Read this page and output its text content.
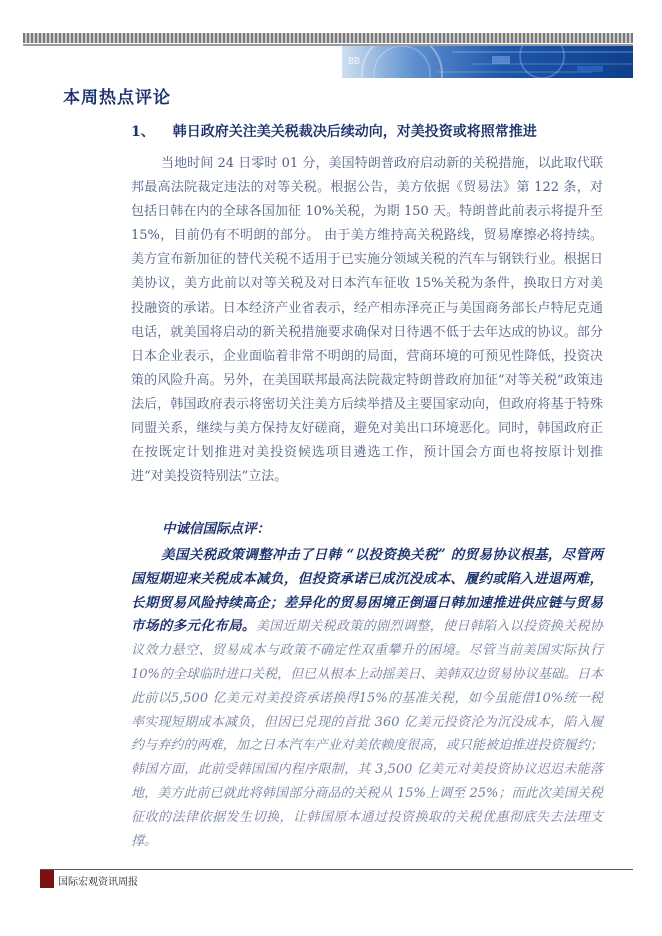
BB
本周热点评论
1、 韩日政府关注美关税裁决后续动向，对美投资或将照常推进

当地时间 24 日零时 01 分，美国特朗普政府启动新的关税措施，以此取代联邦最高法院裁定违法的对等关税。根据公告，美方依据《贸易法》第 122 条，对包括日韩在内的全球各国加征 10%关税，为期 150 天。特朗普此前表示将提升至 15%，目前仍有不明朗的部分。 由于美方维持高关税路线，贸易摩擦必将持续。美方宣布新加征的替代关税不适用于已实施分领域关税的汽车与钢铁行业。根据日美协议，美方此前以对等关税及对日本汽车征收 15%关税为条件，换取日方对美投融资的承诺。日本经济产业省表示，经产相赤泽亮正与美国商务部长卢特尼克通电话，就美国将启动的新关税措施要求确保对日待遇不低于去年达成的协议。部分日本企业表示，企业面临着非常不明朗的局面，营商环境的可预见性降低，投资决策的风险升高。另外，在美国联邦最高法院裁定特朗普政府加征“对等关税”政策违法后，韩国政府表示将密切关注美方后续举措及主要国家动向，但政府将基于特殊同盟关系，继续与美方保持友好磋商，避免对美出口环境恶化。同时，韩国政府正在按既定计划推进对美投资候选项目遴选工作，预计国会方面也将按原计划推进“对美投资特别法”立法。

中诚信国际点评：

美国关税政策调整冲击了日韩 “以投资换关税” 的贸易协议根基，尽管两国短期迎来关税成本减负，但投资承诺已成沉没成本、履约或陷入进退两难，长期贸易风险持续高企；差异化的贸易困境正倒逼日韩加速推进供应链与贸易市场的多元化布局。美国近期关税政策的剧烈调整，使日韩陷入以投资换关税协议效力悬空、贸易成本与政策不确定性双重攀升的困境。尽管当前美国实际执行 10%的全球临时进口关税，但已从根本上动摇美日、美韩双边贸易协议基础。日本此前以5,500 亿美元对美投资承诺换得15%的基准关税，如今虽能借10%统一税率实现短期成本减负，但因已兑现的首批 360 亿美元投资沦为沉没成本，陷入履约与弃约的两难，加之日本汽车产业对美依赖度很高，或只能被迫推进投资履约；韩国方面，此前受韩国国内程序限制，其 3,500 亿美元对美投资协议迟迟未能落地，美方此前已就此将韩国部分商品的关税从 15%上调至 25%；而此次美国关税征收的法律依据发生切换，让韩国原本通过投资换取的关税优惠彻底失去法理支撑。

国际宏观资讯周报
